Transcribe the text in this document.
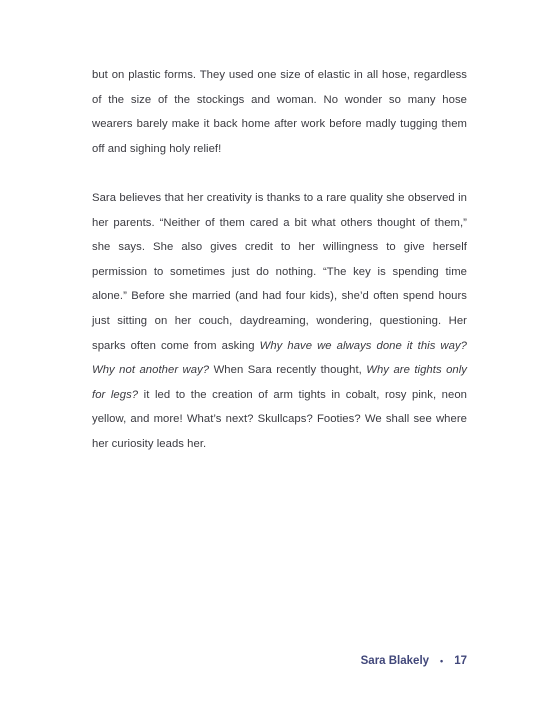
but on plastic forms. They used one size of elastic in all hose, regardless of the size of the stockings and woman. No wonder so many hose wearers barely make it back home after work before madly tugging them off and sighing holy relief!

Sara believes that her creativity is thanks to a rare quality she observed in her parents. “Neither of them cared a bit what others thought of them,” she says. She also gives credit to her willingness to give herself permission to sometimes just do nothing. “The key is spending time alone.” Before she married (and had four kids), she’d often spend hours just sitting on her couch, daydreaming, wondering, questioning. Her sparks often come from asking Why have we always done it this way? Why not another way? When Sara recently thought, Why are tights only for legs? it led to the creation of arm tights in cobalt, rosy pink, neon yellow, and more! What’s next? Skullcaps? Footies? We shall see where her curiosity leads her.

Sara Blakely • 17
